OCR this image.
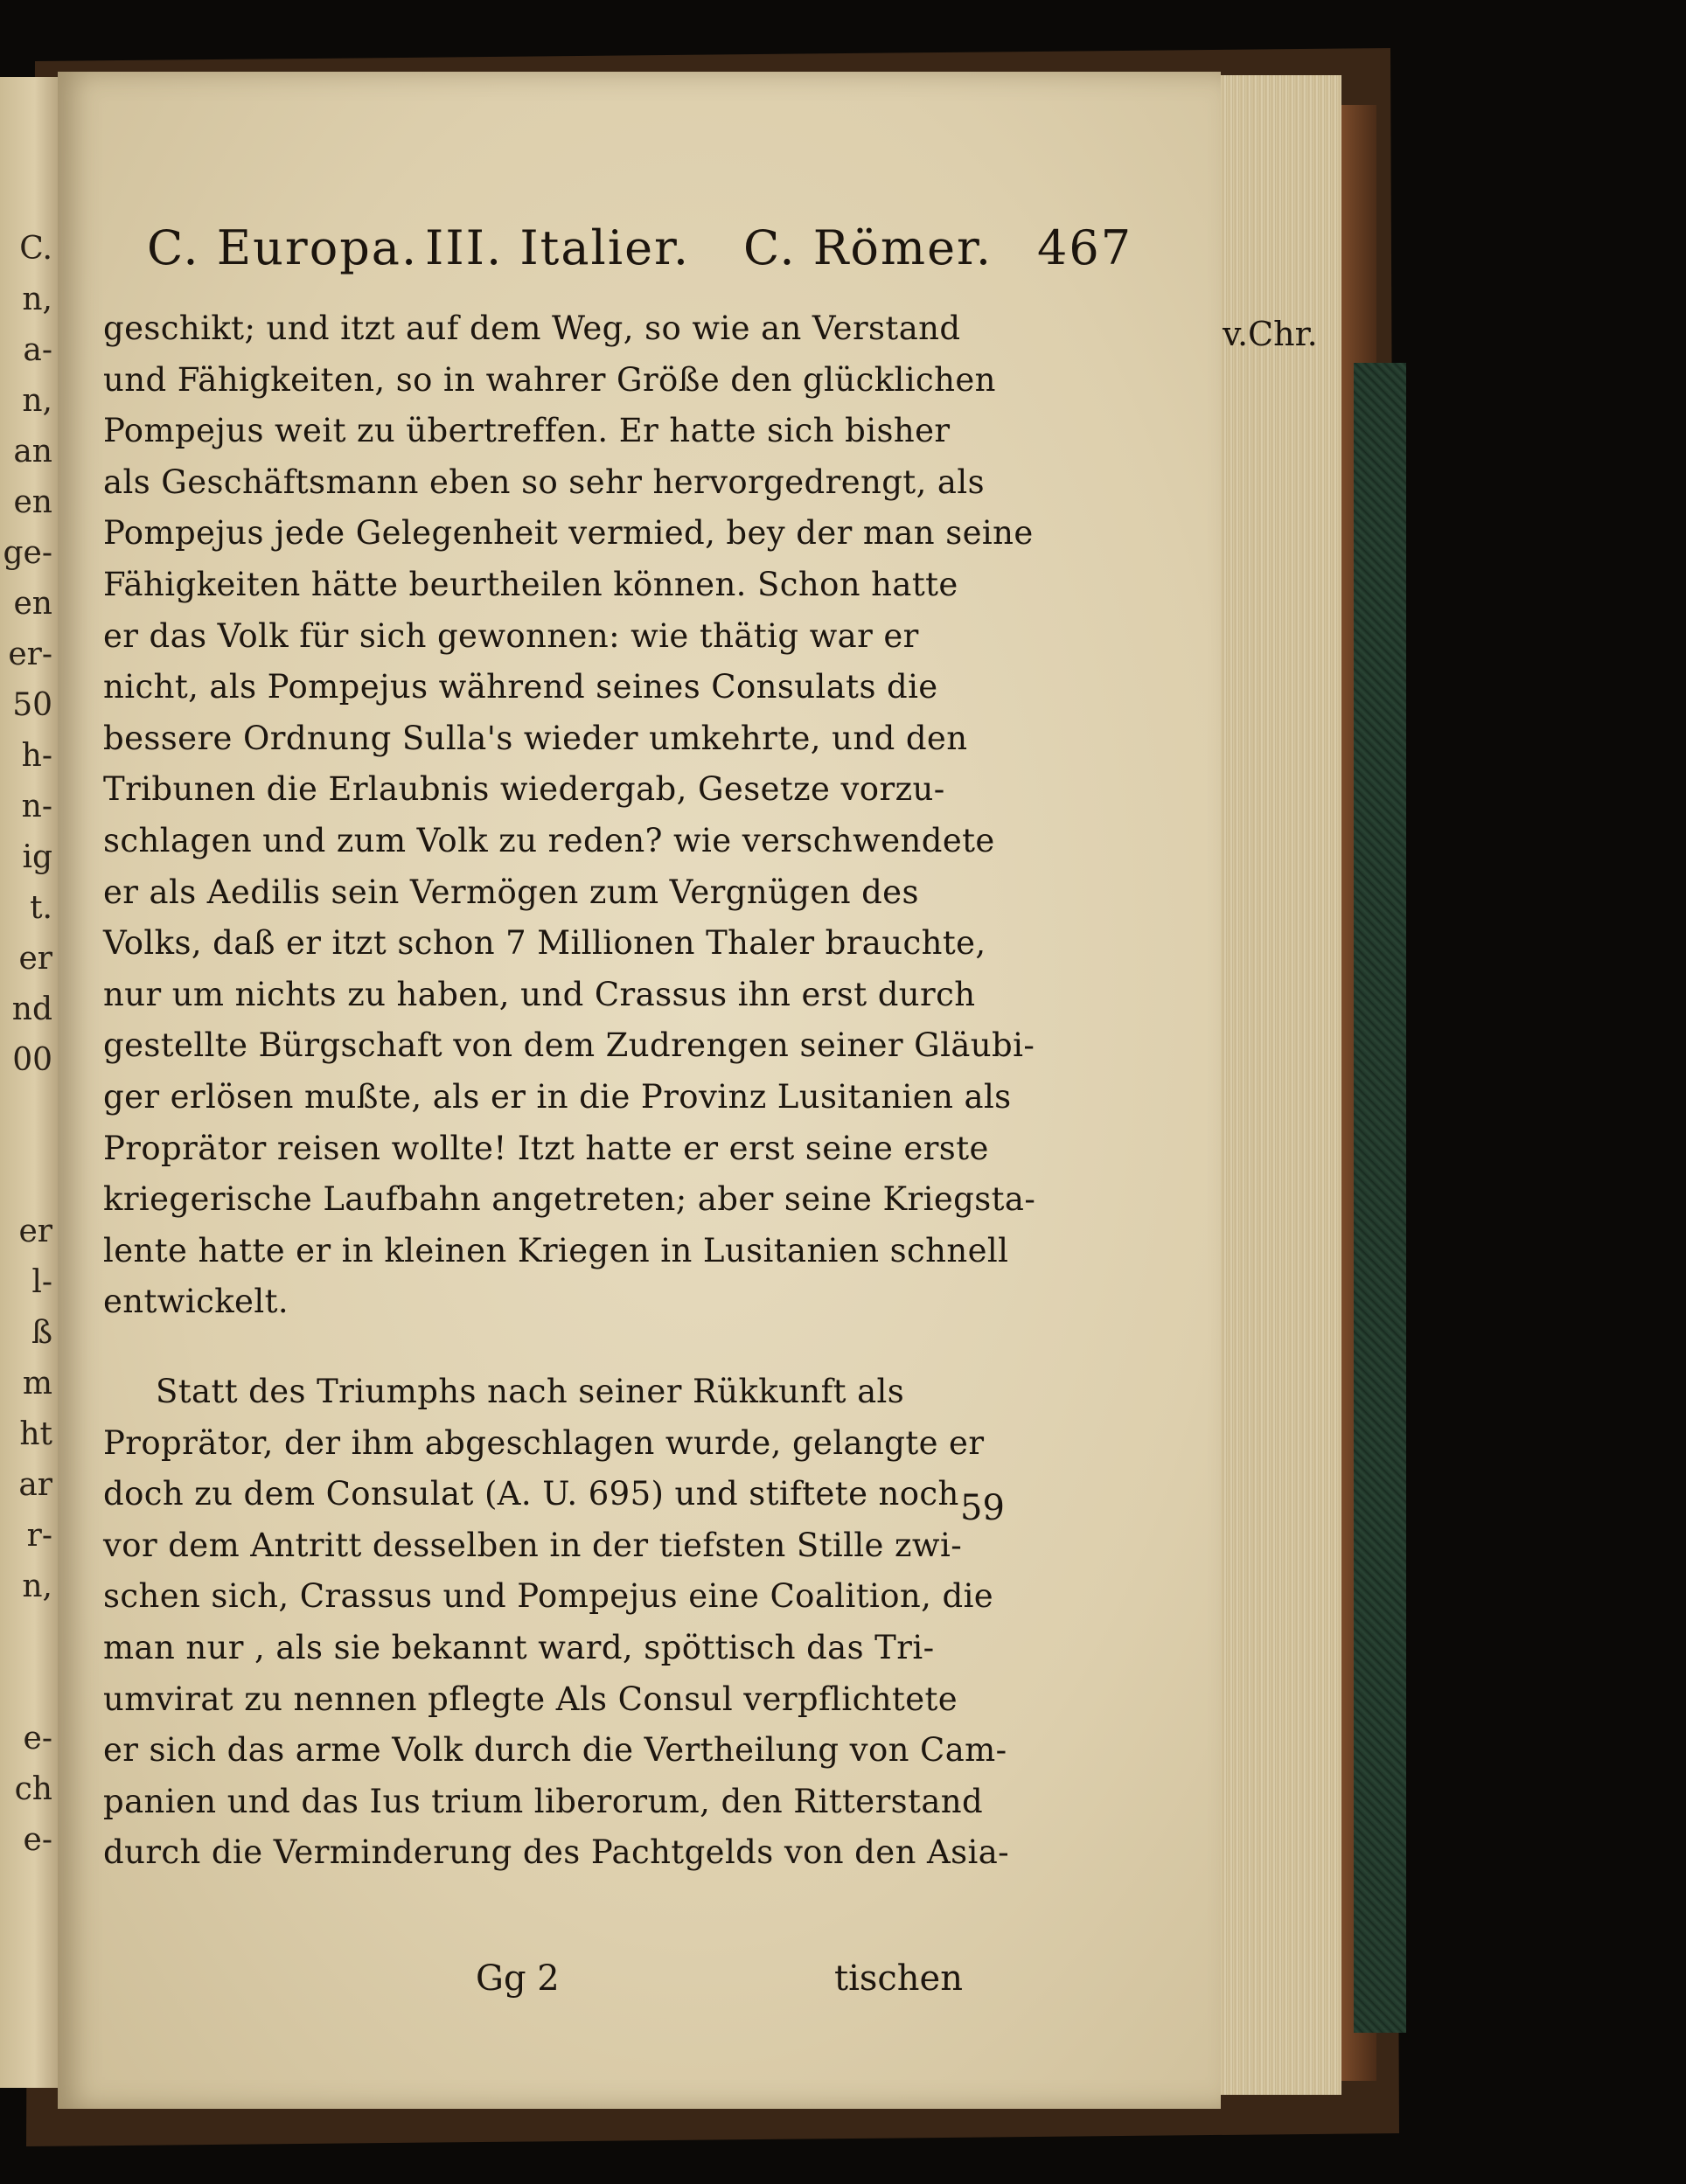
C.
n,
a-
n,
an
en
ge-
en
er-
50
h-
n-
ig
t.
er
nd
00
er
l-
ß
m
ht
ar
r-
n,
e-
ch
e-
C. Europa. III. Italier. C. Römer. 467
geschikt; und itzt auf dem Weg, so wie an Verstand
und Fähigkeiten, so in wahrer Größe den glücklichen
Pompejus weit zu übertreffen. Er hatte sich bisher
als Geschäftsmann eben so sehr hervorgedrengt, als
Pompejus jede Gelegenheit vermied, bey der man seine
Fähigkeiten hätte beurtheilen können. Schon hatte
er das Volk für sich gewonnen: wie thätig war er
nicht, als Pompejus während seines Consulats die
bessere Ordnung Sulla's wieder umkehrte, und den
Tribunen die Erlaubnis wiedergab, Gesetze vorzu-
schlagen und zum Volk zu reden? wie verschwendete
er als Aedilis sein Vermögen zum Vergnügen des
Volks, daß er itzt schon 7 Millionen Thaler brauchte,
nur um nichts zu haben, und Crassus ihn erst durch
gestellte Bürgschaft von dem Zudrengen seiner Gläubi-
ger erlösen mußte, als er in die Provinz Lusitanien als
Proprätor reisen wollte! Itzt hatte er erst seine erste
kriegerische Laufbahn angetreten; aber seine Kriegsta-
lente hatte er in kleinen Kriegen in Lusitanien schnell
entwickelt.
Statt des Triumphs nach seiner Rükkunft als
Proprätor, der ihm abgeschlagen wurde, gelangte er
doch zu dem Consulat (A. U. 695) und stiftete noch
vor dem Antritt desselben in der tiefsten Stille zwi-
schen sich, Crassus und Pompejus eine Coalition, die
man nur , als sie bekannt ward, spöttisch das Tri-
umvirat zu nennen pflegte Als Consul verpflichtete
er sich das arme Volk durch die Vertheilung von Cam-
panien und das Ius trium liberorum, den Ritterstand
durch die Verminderung des Pachtgelds von den Asia-
Gg 2	tischen
v.Chr.
59
